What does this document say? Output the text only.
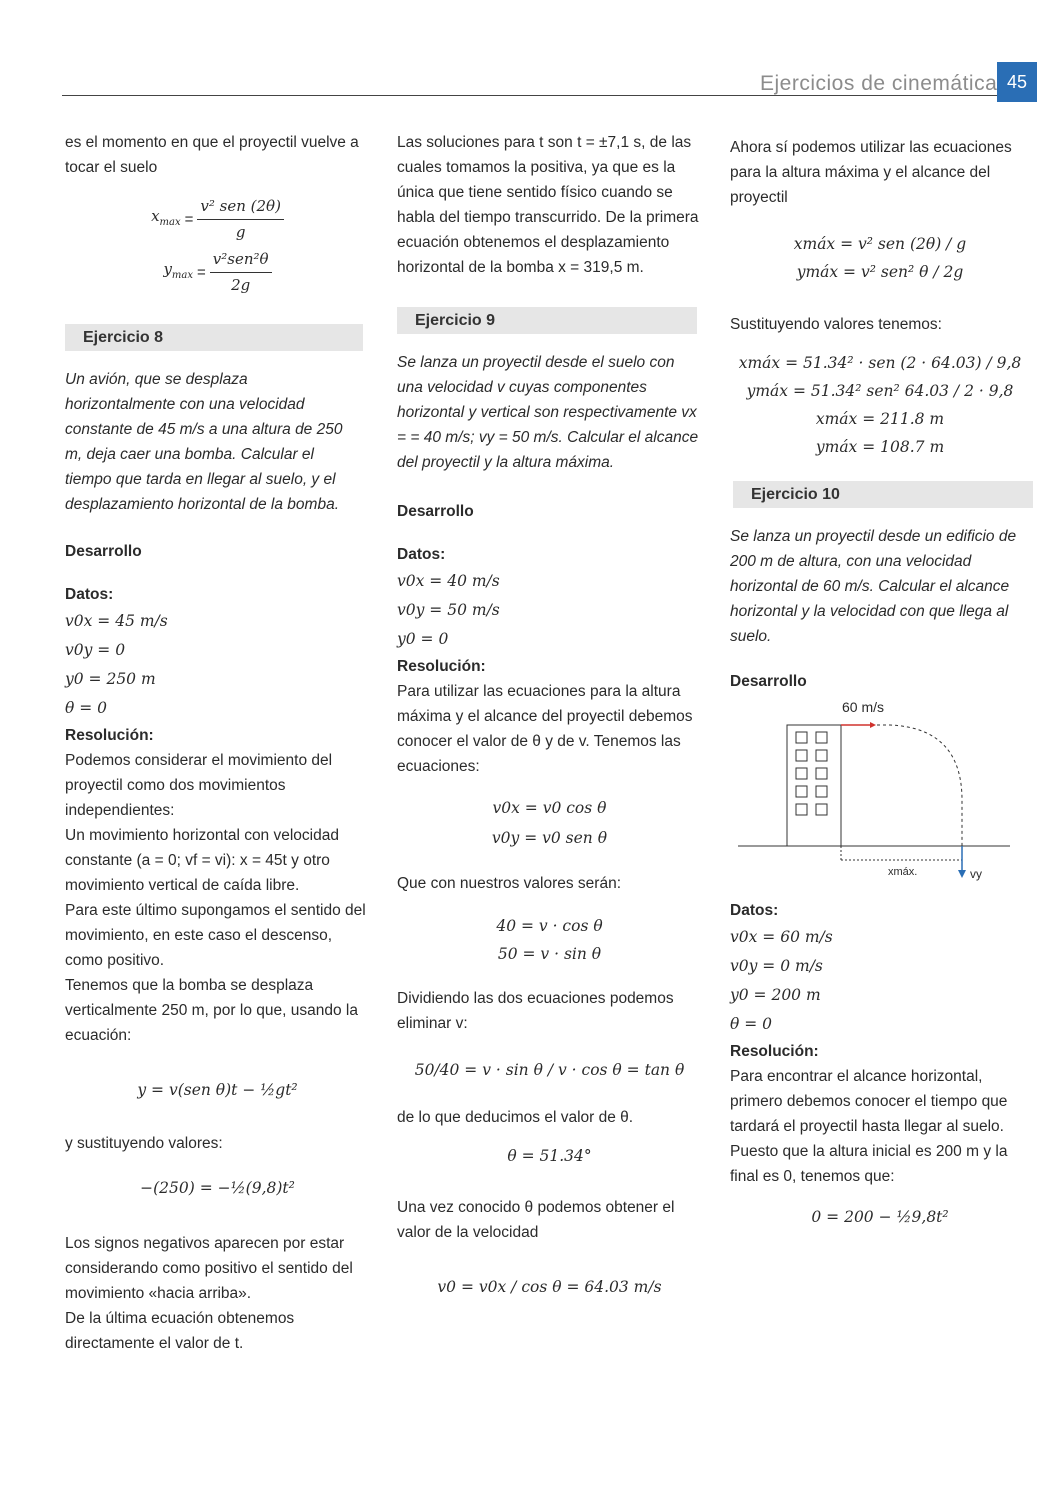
Ejercicios de cinemática 45

es el momento en que el proyectil vuelve a tocar el suelo

$x_{max} = \frac{\text{v² sen (2θ)}}{g}$
$y_{max} = \frac{\text{v²sen²θ}}{2g}$
Ejercicio 8

Un avión, que se desplaza horizontalmente con una velocidad constante de 45 m/s a una altura de 250 m, deja caer una bomba. Calcular el tiempo que tarda en llegar al suelo, y el desplazamiento horizontal de la bomba.

Desarrollo

Datos:

v0x = 45 m/s
v0y = 0
y0 = 250 m
θ = 0

Resolución:

Podemos considerar el movimiento del proyectil como dos movimientos independientes:

Un movimiento horizontal con velocidad constante (a = 0; vf = vi): x = 45t y otro movimiento vertical de caída libre.

Para este último supongamos el sentido del movimiento, en este caso el descenso, como positivo.

Tenemos que la bomba se desplaza verticalmente 250 m, por lo que, usando la ecuación:

y = v(sen θ)t − ½gt²

y sustituyendo valores:

−(250) = −½(9,8)t²

Los signos negativos aparecen por estar considerando como positivo el sentido del movimiento «hacia arriba».

De la última ecuación obtenemos directamente el valor de t.

Las soluciones para t son t = ±7,1 s, de las cuales tomamos la positiva, ya que es la única que tiene sentido físico cuando se habla del tiempo transcurrido. De la primera ecuación obtenemos el desplazamiento horizontal de la bomba x = 319,5 m.

Ejercicio 9

Se lanza un proyectil desde el suelo con una velocidad v cuyas componentes horizontal y vertical son respectivamente vx = = 40 m/s; vy = 50 m/s. Calcular el alcance del proyectil y la altura máxima.

Desarrollo

Datos:

v0x = 40 m/s
v0y = 50 m/s
y0 = 0

Resolución:

Para utilizar las ecuaciones para la altura máxima y el alcance del proyectil debemos conocer el valor de θ y de v. Tenemos las ecuaciones:

v0x = v0 cos θ
v0y = v0 sen θ

Que con nuestros valores serán:

40 = v · cos θ
50 = v · sin θ

Dividiendo las dos ecuaciones podemos eliminar v:

50/40 = v · sin θ / v · cos θ = tan θ

de lo que deducimos el valor de θ.

θ = 51.34°

Una vez conocido θ podemos obtener el valor de la velocidad

v0 = v0x / cos θ = 64.03 m/s

Ahora sí podemos utilizar las ecuaciones para la altura máxima y el alcance del proyectil

xmáx = v² sen (2θ) / g
ymáx = v² sen² θ / 2g

Sustituyendo valores tenemos:

xmáx = 51.34² · sen (2 · 64.03) / 9,8
ymáx = 51.34² sen² 64.03 / 2 · 9,8
xmáx = 211.8 m
ymáx = 108.7 m
Ejercicio 10

Se lanza un proyectil desde un edificio de 200 m de altura, con una velocidad horizontal de 60 m/s. Calcular el alcance horizontal y la velocidad con que llega al suelo.

Desarrollo

60 m/s
xmáx.	vy

Datos:

v0x = 60 m/s
v0y = 0 m/s
y0 = 200 m
θ = 0

Resolución:

Para encontrar el alcance horizontal, primero debemos conocer el tiempo que tardará el proyectil hasta llegar al suelo.

Puesto que la altura inicial es 200 m y la final es 0, tenemos que:

0 = 200 − ½9,8t²
